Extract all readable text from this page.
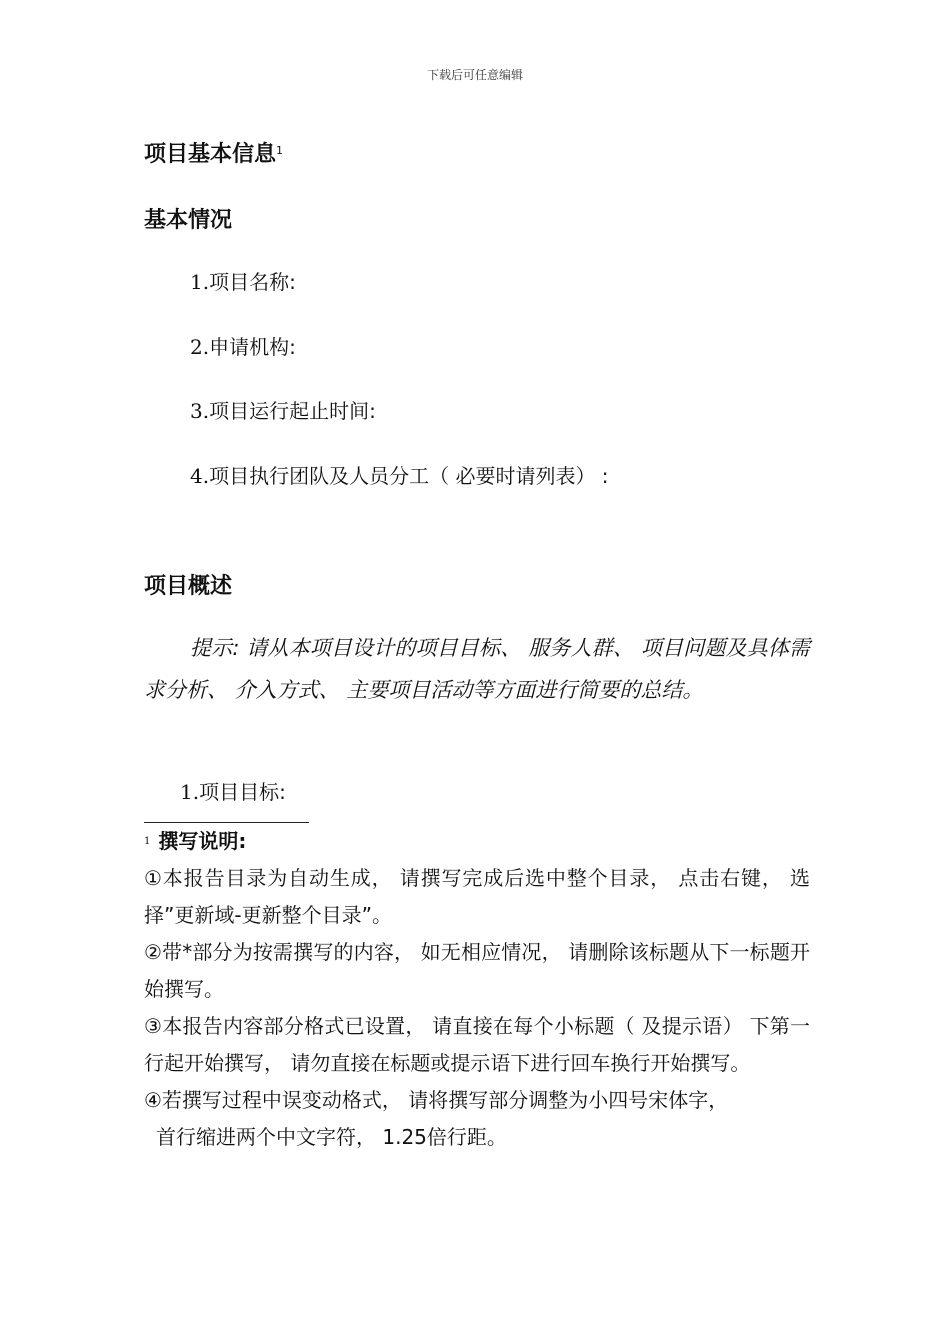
下载后可任意编辑
项目基本信息$^1$
基本情况
1.项目名称:
2.申请机构:
3.项目运行起止时间:
4.项目执行团队及人员分工（ 必要时请列表） :
项目概述
提示: 请从本项目设计的项目目标、 服务人群、 项目问题及具体需求分析、 介入方式、 主要项目活动等方面进行简要的总结。
1.项目目标:

$^1$ 撰写说明:

①本报告目录为自动生成， 请撰写完成后选中整个目录， 点击右键， 选择”更新域-更新整个目录”。

②带*部分为按需撰写的内容， 如无相应情况， 请删除该标题从下一标题开始撰写。

③本报告内容部分格式已设置， 请直接在每个小标题（ 及提示语） 下第一行起开始撰写， 请勿直接在标题或提示语下进行回车换行开始撰写。

④若撰写过程中误变动格式， 请将撰写部分调整为小四号宋体字，

首行缩进两个中文字符， 1.25倍行距。
